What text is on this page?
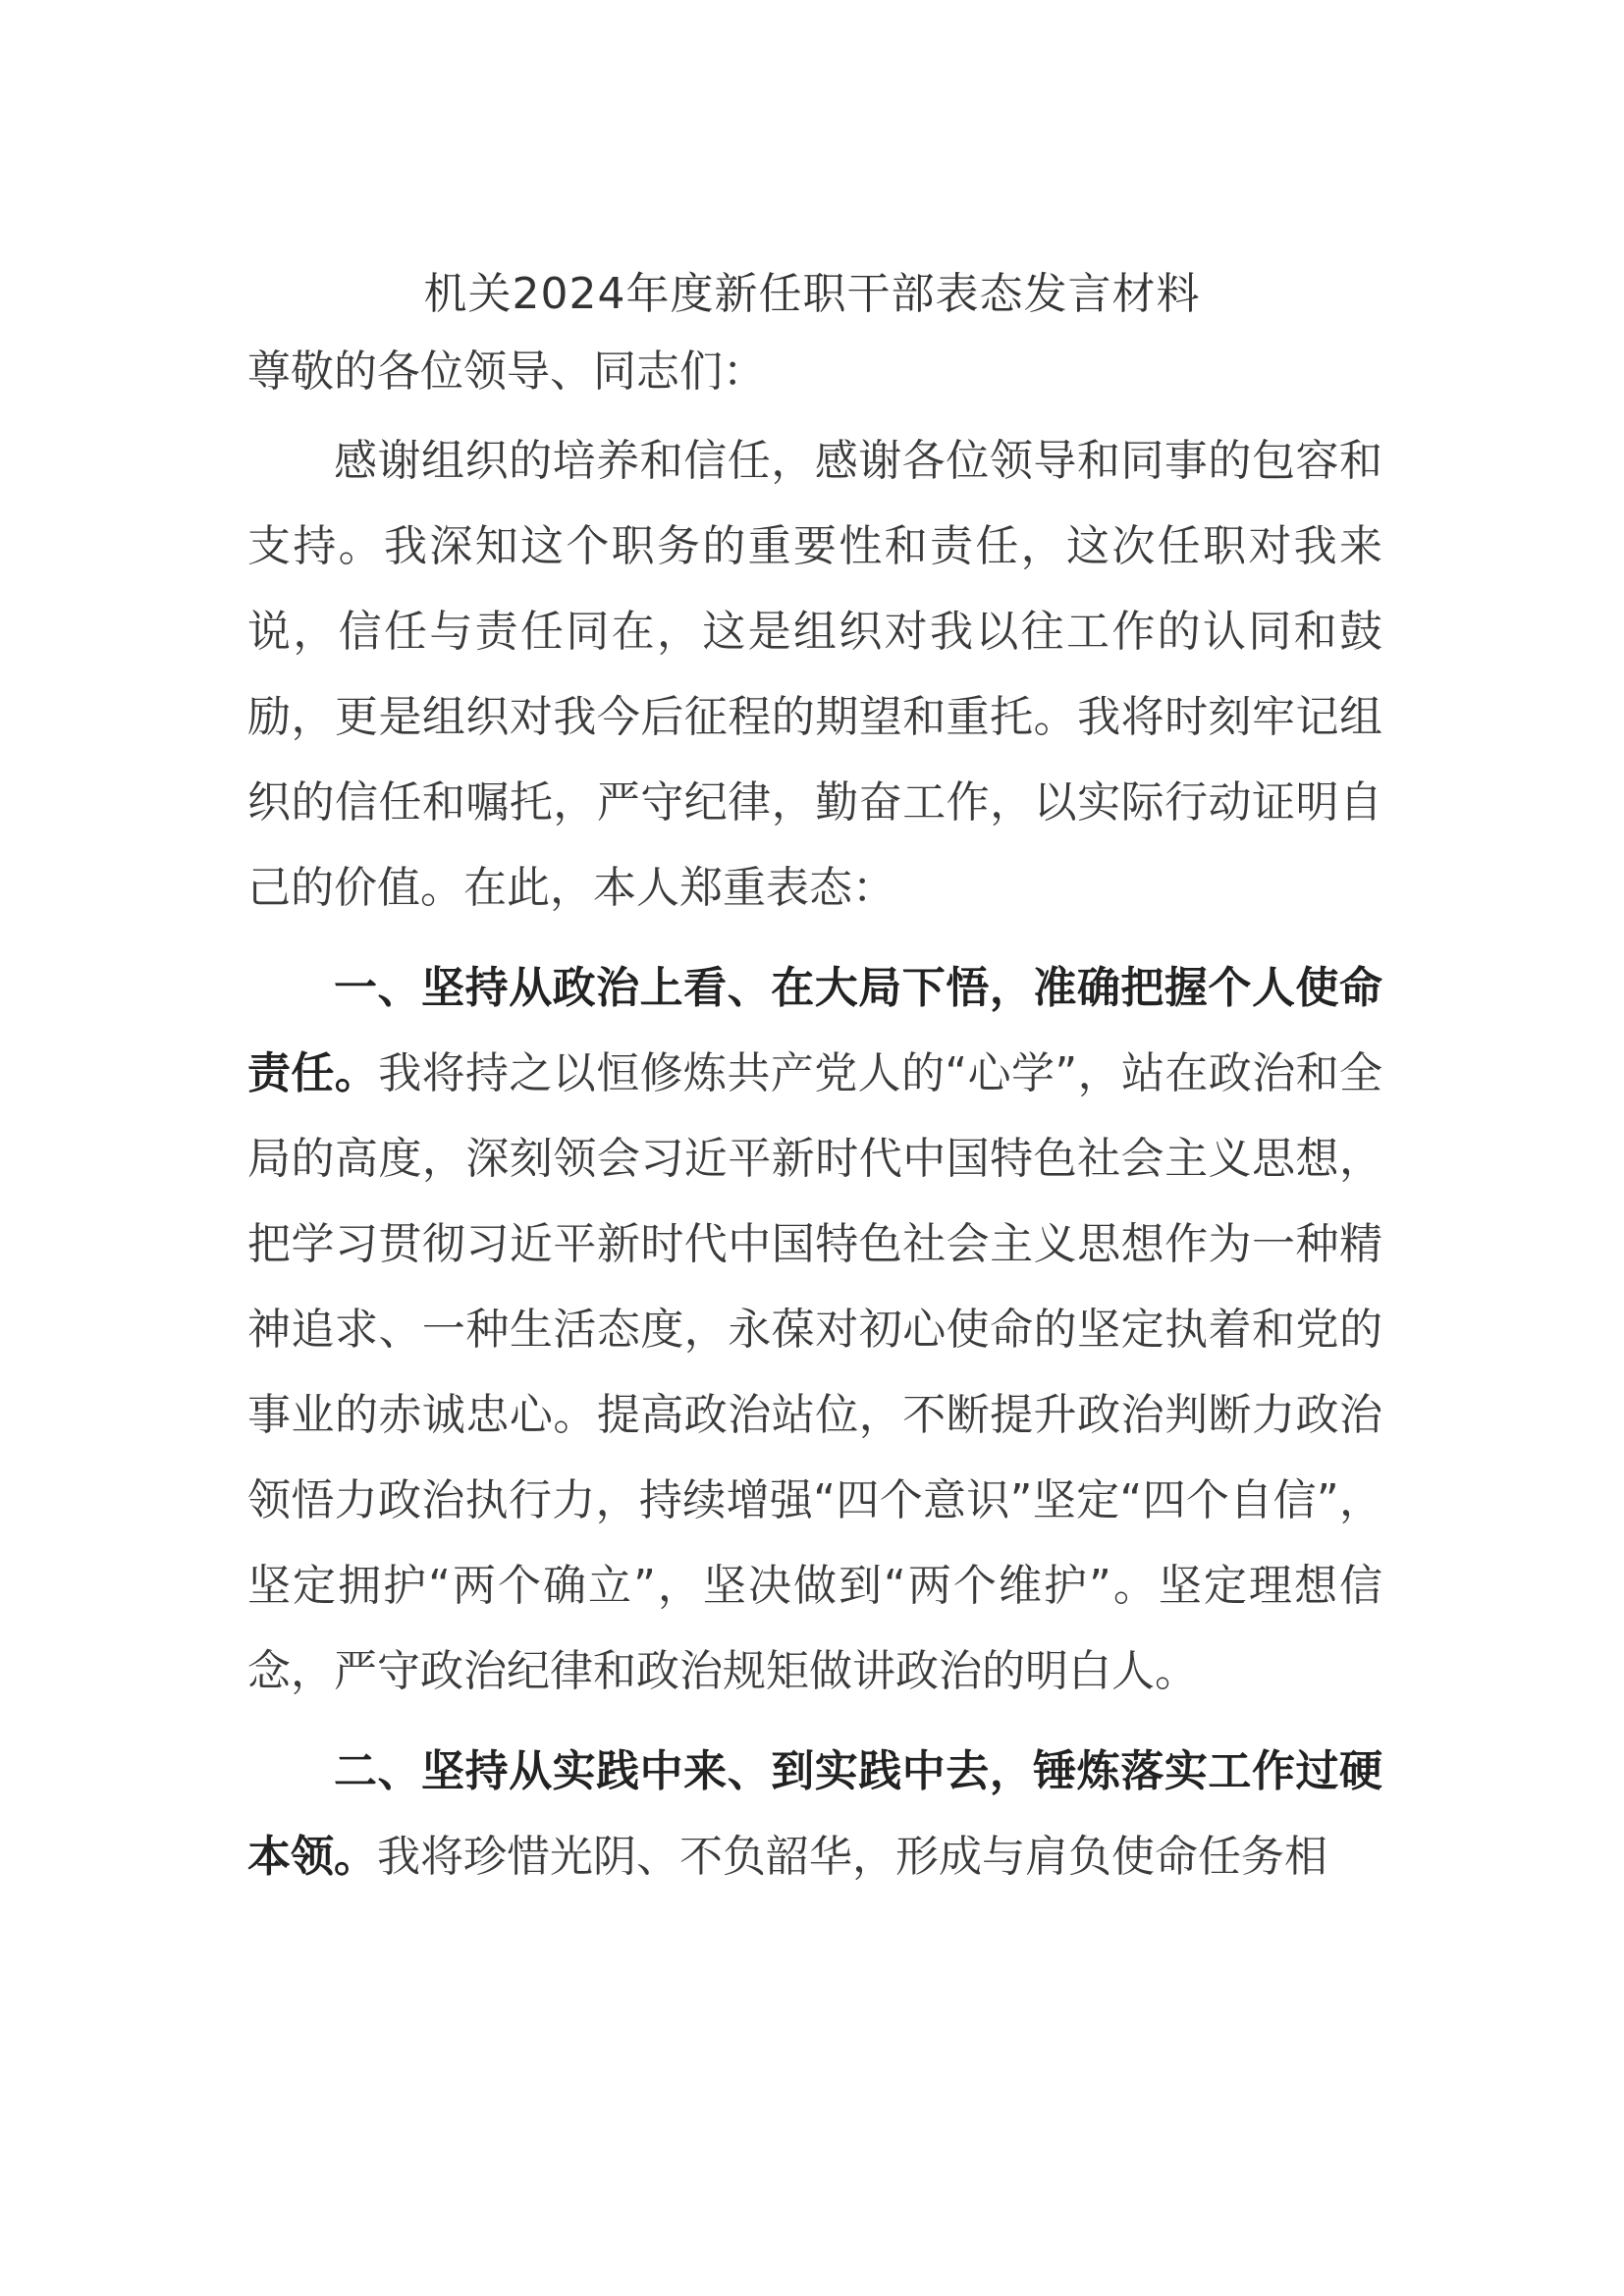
机关2024年度新任职干部表态发言材料

尊敬的各位领导、同志们：

感谢组织的培养和信任，感谢各位领导和同事的包容和支持。我深知这个职务的重要性和责任，这次任职对我来说，信任与责任同在，这是组织对我以往工作的认同和鼓励，更是组织对我今后征程的期望和重托。我将时刻牢记组织的信任和嘱托，严守纪律，勤奋工作，以实际行动证明自己的价值。在此，本人郑重表态：

一、坚持从政治上看、在大局下悟，准确把握个人使命责任。我将持之以恒修炼共产党人的“心学”，站在政治和全局的高度，深刻领会习近平新时代中国特色社会主义思想，把学习贯彻习近平新时代中国特色社会主义思想作为一种精神追求、一种生活态度，永葆对初心使命的坚定执着和党的事业的赤诚忠心。提高政治站位，不断提升政治判断力政治领悟力政治执行力，持续增强“四个意识”坚定“四个自信”，坚定拥护“两个确立”，坚决做到“两个维护”。坚定理想信念，严守政治纪律和政治规矩做讲政治的明白人。

二、坚持从实践中来、到实践中去，锤炼落实工作过硬本领。我将珍惜光阴、不负韶华，形成与肩负使命任务相
